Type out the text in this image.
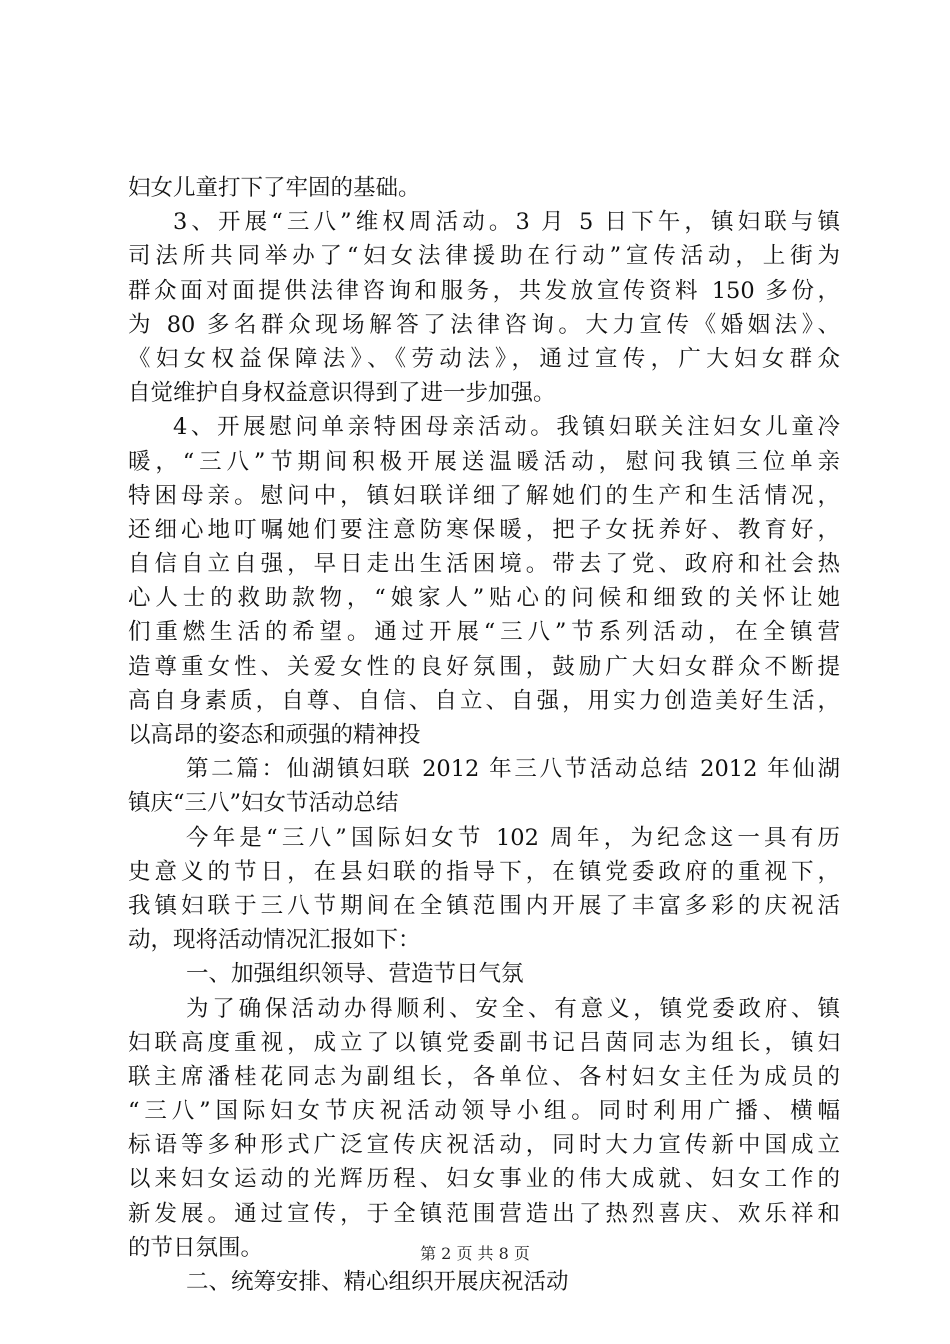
妇女儿童打下了牢固的基础。
3、开展“三八”维权周活动。3 月 5 日下午，镇妇联与镇
司法所共同举办了“妇女法律援助在行动”宣传活动，上街为
群众面对面提供法律咨询和服务，共发放宣传资料 150 多份，
为 80 多名群众现场解答了法律咨询。大力宣传《婚姻法》、
《妇女权益保障法》、《劳动法》，通过宣传，广大妇女群众
自觉维护自身权益意识得到了进一步加强。
4、开展慰问单亲特困母亲活动。我镇妇联关注妇女儿童冷
暖，“三八”节期间积极开展送温暖活动，慰问我镇三位单亲
特困母亲。慰问中，镇妇联详细了解她们的生产和生活情况，
还细心地叮嘱她们要注意防寒保暖，把子女抚养好、教育好，
自信自立自强，早日走出生活困境。带去了党、政府和社会热
心人士的救助款物，“娘家人”贴心的问候和细致的关怀让她
们重燃生活的希望。通过开展“三八”节系列活动，在全镇营
造尊重女性、关爱女性的良好氛围，鼓励广大妇女群众不断提
高自身素质，自尊、自信、自立、自强，用实力创造美好生活，
以高昂的姿态和顽强的精神投
第二篇：仙湖镇妇联 2012 年三八节活动总结 2012 年仙湖
镇庆“三八”妇女节活动总结
今年是“三八”国际妇女节 102 周年，为纪念这一具有历
史意义的节日，在县妇联的指导下，在镇党委政府的重视下，
我镇妇联于三八节期间在全镇范围内开展了丰富多彩的庆祝活
动，现将活动情况汇报如下：
一、加强组织领导、营造节日气氛
为了确保活动办得顺利、安全、有意义，镇党委政府、镇
妇联高度重视，成立了以镇党委副书记吕茵同志为组长，镇妇
联主席潘桂花同志为副组长，各单位、各村妇女主任为成员的
“三八”国际妇女节庆祝活动领导小组。同时利用广播、横幅
标语等多种形式广泛宣传庆祝活动，同时大力宣传新中国成立
以来妇女运动的光辉历程、妇女事业的伟大成就、妇女工作的
新发展。通过宣传，于全镇范围营造出了热烈喜庆、欢乐祥和
的节日氛围。
二、统筹安排、精心组织开展庆祝活动
第 2 页 共 8 页
